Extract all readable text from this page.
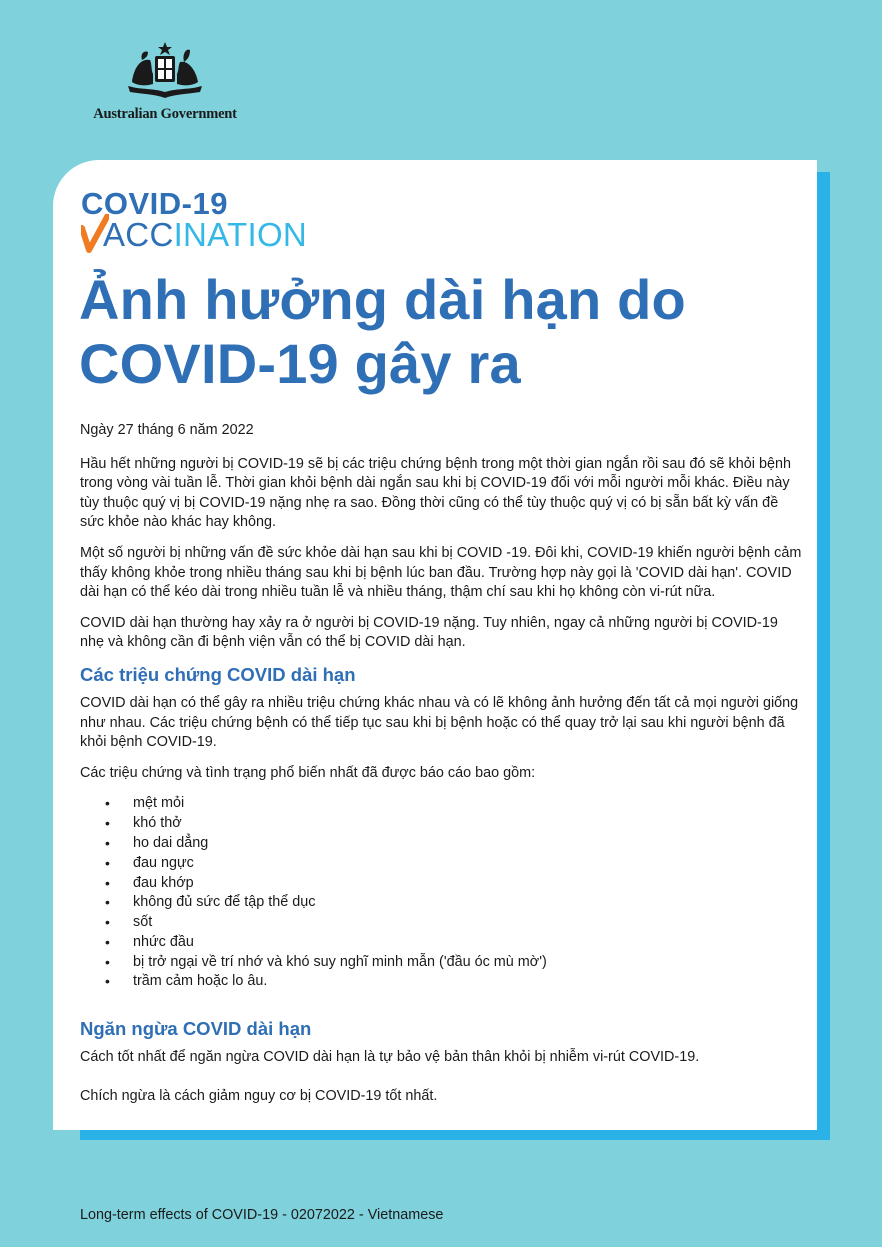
Australian Government
COVID-19
ACCINATION
Ảnh hưởng dài hạn do COVID-19 gây ra

Ngày 27 tháng 6 năm 2022

Hầu hết những người bị COVID-19 sẽ bị các triệu chứng bệnh trong một thời gian ngắn rồi sau đó sẽ khỏi bệnh trong vòng vài tuần lễ. Thời gian khỏi bệnh dài ngắn sau khi bị COVID-19 đối với mỗi người mỗi khác. Điều này tùy thuộc quý vị bị COVID-19 nặng nhẹ ra sao. Đồng thời cũng có thể tùy thuộc quý vị có bị sẵn bất kỳ vấn đề sức khỏe nào khác hay không.

Một số người bị những vấn đề sức khỏe dài hạn sau khi bị COVID -19. Đôi khi, COVID-19 khiến người bệnh cảm thấy không khỏe trong nhiều tháng sau khi bị bệnh lúc ban đầu. Trường hợp này gọi là 'COVID dài hạn'. COVID dài hạn có thể kéo dài trong nhiều tuần lễ và nhiều tháng, thậm chí sau khi họ không còn vi-rút nữa.

COVID dài hạn thường hay xảy ra ở người bị COVID-19 nặng. Tuy nhiên, ngay cả những người bị COVID-19 nhẹ và không cần đi bệnh viện vẫn có thể bị COVID dài hạn.

Các triệu chứng COVID dài hạn

COVID dài hạn có thể gây ra nhiều triệu chứng khác nhau và có lẽ không ảnh hưởng đến tất cả mọi người giống như nhau. Các triệu chứng bệnh có thể tiếp tục sau khi bị bệnh hoặc có thể quay trở lại sau khi người bệnh đã khỏi bệnh COVID-19.

Các triệu chứng và tình trạng phổ biến nhất đã được báo cáo bao gồm:

• mệt mỏi
• khó thở
• ho dai dẳng
• đau ngực
• đau khớp
• không đủ sức để tập thể dục
• sốt
• nhức đầu
• bị trở ngại về trí nhớ và khó suy nghĩ minh mẫn ('đầu óc mù mờ')
• trầm cảm hoặc lo âu.
Ngăn ngừa COVID dài hạn

Cách tốt nhất để ngăn ngừa COVID dài hạn là tự bảo vệ bản thân khỏi bị nhiễm vi-rút COVID-19.

Chích ngừa là cách giảm nguy cơ bị COVID-19 tốt nhất.

Long-term effects of COVID-19 - 02072022 - Vietnamese
